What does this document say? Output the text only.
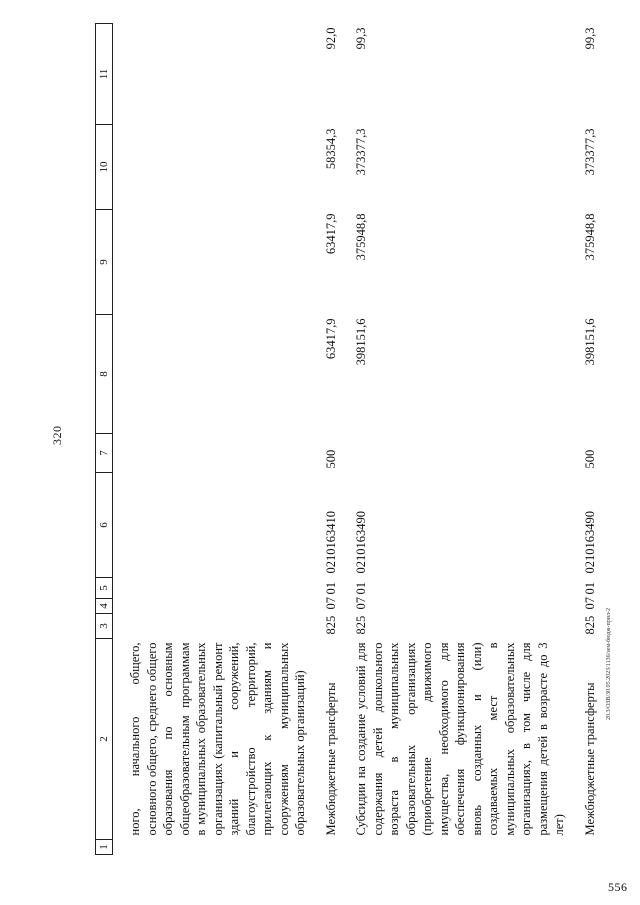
320
556
20.3/ОЗВ/30.05.2023/1136/зем-бюдж-прил-2
1	2	3	4	5	6	7	8	9	10	11

	ного, начального общего, основного общего, среднего общего образования по основным общеобразовательным программам в муниципальных образовательных организациях (капитальный ремонт зданий и сооружений, благоустройство территорий, прилегающих к зданиям и сооружениям муниципальных образовательных организаций)									

	Межбюджетные трансферты	825	07	01	0210163410	500	63417,9	63417,9	58354,3	92,0

	Субсидии на создание условий для содержания детей дошкольного возраста в муниципальных образовательных организациях (приобретение движимого имущества, необходимого для обеспечения функционирования вновь созданных и (или) создаваемых мест в муниципальных образовательных организациях, в том числе для размещения детей в возрасте до 3 лет)	825	07	01	0210163490		398151,6	375948,8	373377,3	99,3

	Межбюджетные трансферты	825	07	01	0210163490	500	398151,6	375948,8	373377,3	99,3
